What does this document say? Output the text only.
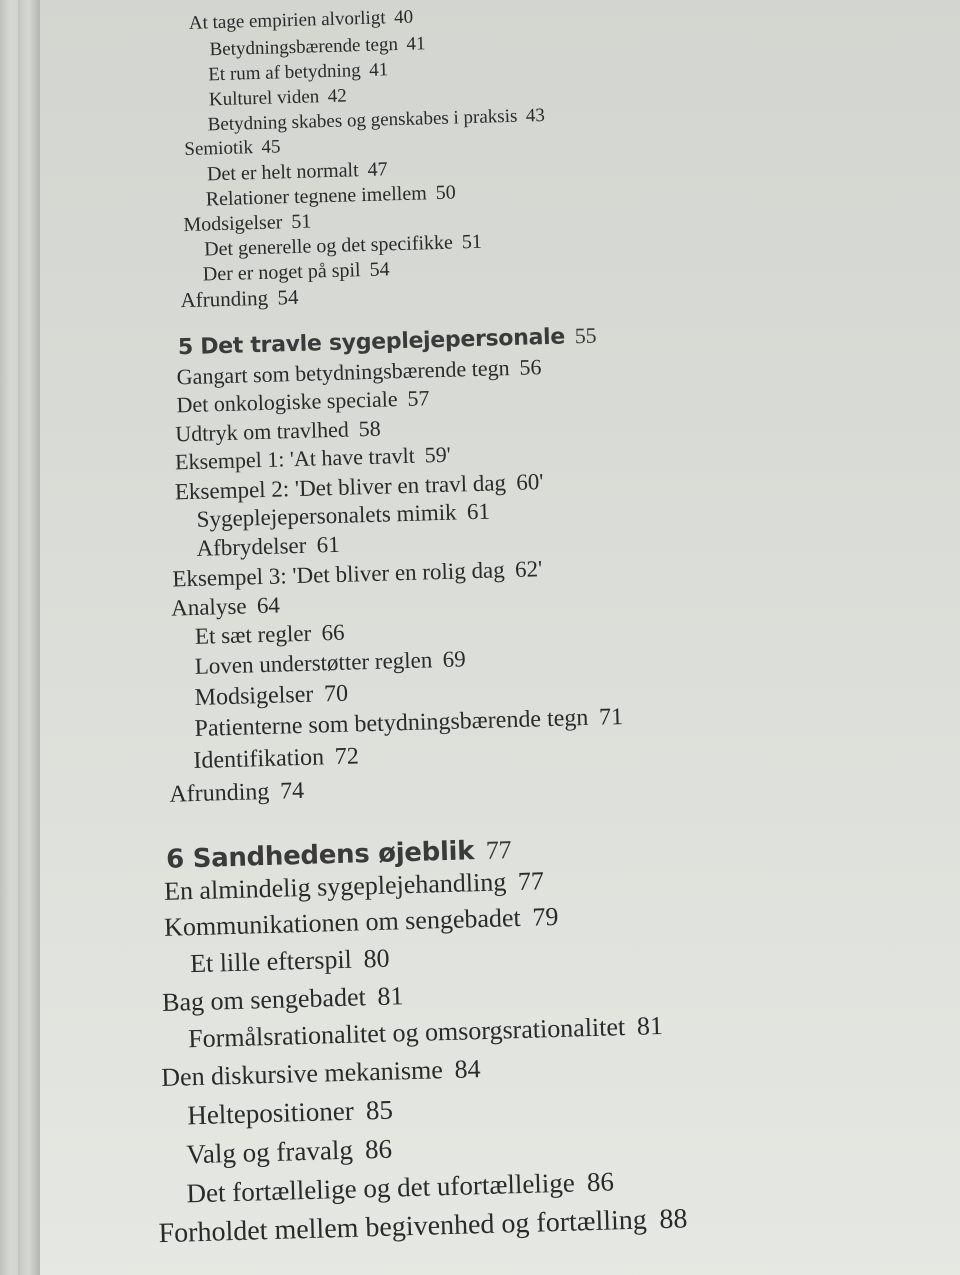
At tage empirien alvorligt 40
Betydningsbærende tegn 41
Et rum af betydning 41
Kulturel viden 42
Betydning skabes og genskabes i praksis 43
Semiotik 45
Det er helt normalt 47
Relationer tegnene imellem 50
Modsigelser 51
Det generelle og det specifikke 51
Der er noget på spil 54
Afrunding 54
5 Det travle sygeplejepersonale 55
Gangart som betydningsbærende tegn 56
Det onkologiske speciale 57
Udtryk om travlhed 58
Eksempel 1: 'At have travlt 59'
Eksempel 2: 'Det bliver en travl dag 60'
Sygeplejepersonalets mimik 61
Afbrydelser 61
Eksempel 3: 'Det bliver en rolig dag 62'
Analyse 64
Et sæt regler 66
Loven understøtter reglen 69
Modsigelser 70
Patienterne som betydningsbærende tegn 71
Identifikation 72
Afrunding 74
6 Sandhedens øjeblik 77
En almindelig sygeplejehandling 77
Kommunikationen om sengebadet 79
Et lille efterspil 80
Bag om sengebadet 81
Formålsrationalitet og omsorgsrationalitet 81
Den diskursive mekanisme 84
Heltepositioner 85
Valg og fravalg 86
Det fortællelige og det ufortællelige 86
Forholdet mellem begivenhed og fortælling 88
